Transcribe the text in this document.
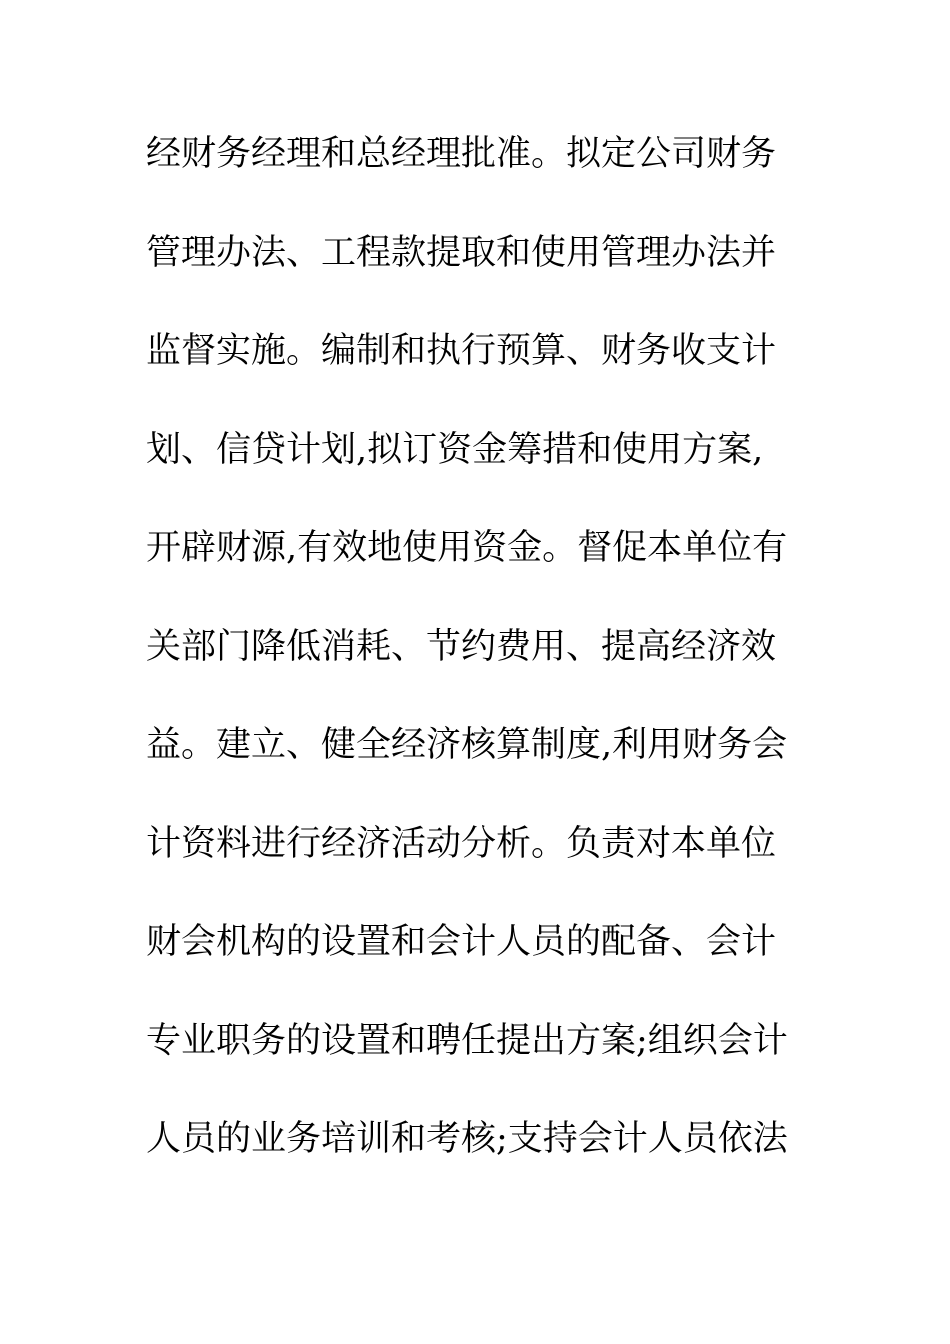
经财务经理和总经理批准。拟定公司财务
管理办法、工程款提取和使用管理办法并
监督实施。编制和执行预算、财务收支计
划、信贷计划,拟订资金筹措和使用方案,
开辟财源,有效地使用资金。督促本单位有
关部门降低消耗、节约费用、提高经济效
益。建立、健全经济核算制度,利用财务会
计资料进行经济活动分析。负责对本单位
财会机构的设置和会计人员的配备、会计
专业职务的设置和聘任提出方案;组织会计
人员的业务培训和考核;支持会计人员依法
